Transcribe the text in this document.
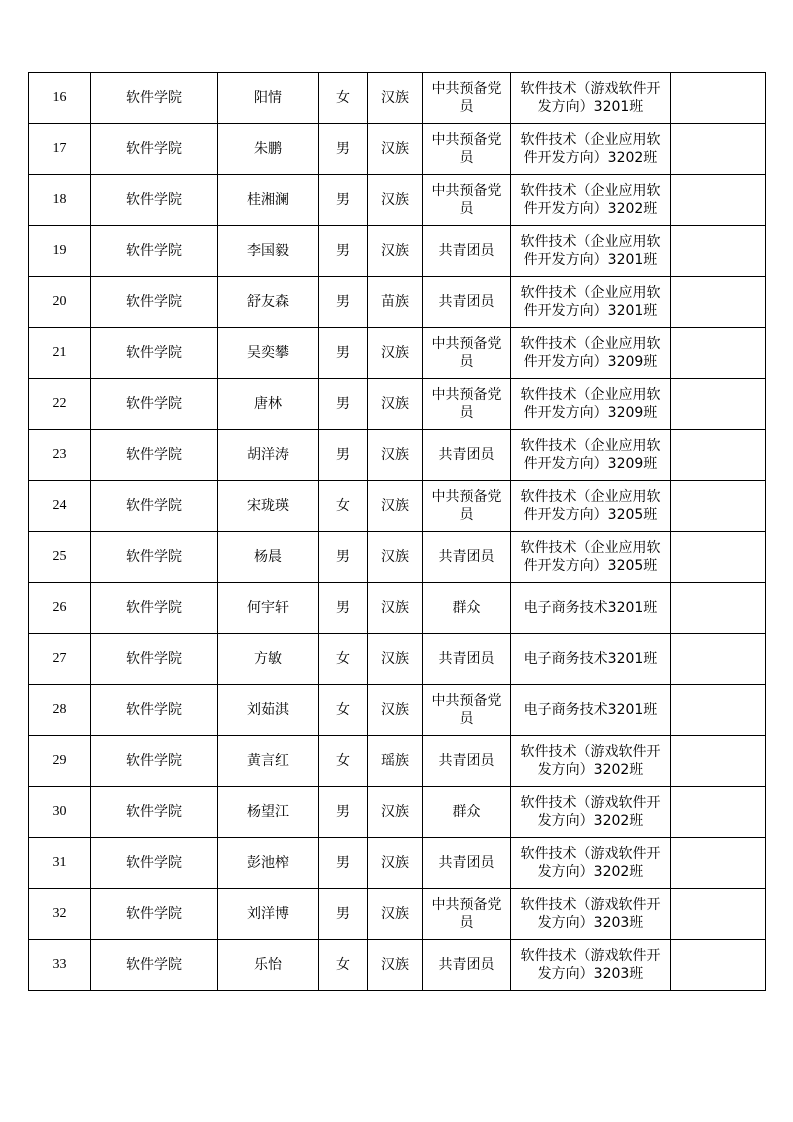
16	软件学院	阳情	女	汉族	中共预备党员	软件技术（游戏软件开发方向）3201班	
17	软件学院	朱鹏	男	汉族	中共预备党员	软件技术（企业应用软件开发方向）3202班	
18	软件学院	桂湘澜	男	汉族	中共预备党员	软件技术（企业应用软件开发方向）3202班	
19	软件学院	李国毅	男	汉族	共青团员	软件技术（企业应用软件开发方向）3201班	
20	软件学院	舒友森	男	苗族	共青团员	软件技术（企业应用软件开发方向）3201班	
21	软件学院	吴奕攀	男	汉族	中共预备党员	软件技术（企业应用软件开发方向）3209班	
22	软件学院	唐林	男	汉族	中共预备党员	软件技术（企业应用软件开发方向）3209班	
23	软件学院	胡洋涛	男	汉族	共青团员	软件技术（企业应用软件开发方向）3209班	
24	软件学院	宋珑瑛	女	汉族	中共预备党员	软件技术（企业应用软件开发方向）3205班	
25	软件学院	杨晨	男	汉族	共青团员	软件技术（企业应用软件开发方向）3205班	
26	软件学院	何宇轩	男	汉族	群众	电子商务技术3201班	
27	软件学院	方敏	女	汉族	共青团员	电子商务技术3201班	
28	软件学院	刘茹淇	女	汉族	中共预备党员	电子商务技术3201班	
29	软件学院	黄言红	女	瑶族	共青团员	软件技术（游戏软件开发方向）3202班	
30	软件学院	杨望江	男	汉族	群众	软件技术（游戏软件开发方向）3202班	
31	软件学院	彭池榨	男	汉族	共青团员	软件技术（游戏软件开发方向）3202班	
32	软件学院	刘洋博	男	汉族	中共预备党员	软件技术（游戏软件开发方向）3203班	
33	软件学院	乐怡	女	汉族	共青团员	软件技术（游戏软件开发方向）3203班	
